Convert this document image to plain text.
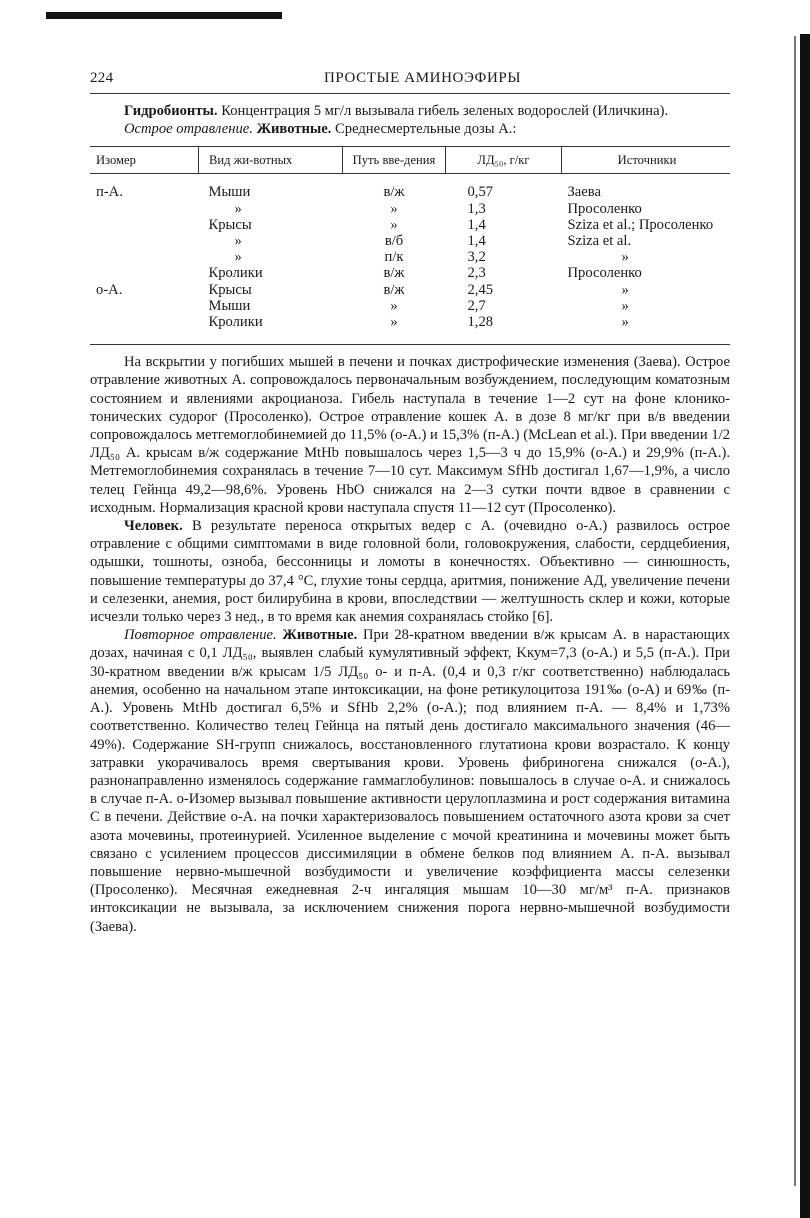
224	ПРОСТЫЕ АМИНОЭФИРЫ

Гидробионты. Концентрация 5 мг/л вызывала гибель зеленых водорослей (Иличкина).

Острое отравление. Животные. Среднесмертельные дозы А.:

Изомер	Вид жи-вотных	Путь вве-дения	ЛД₅₀, г/кг	Источники
п-А.	Мыши	в/ж	0,57	Заева
	»	»	1,3	Просоленко
	Крысы	»	1,4	Sziza et al.; Просоленко
	»	в/б	1,4	Sziza et al.
	»	п/к	3,2	»
	Кролики	в/ж	2,3	Просоленко
о-А.	Крысы	в/ж	2,45	»
	Мыши	»	2,7	»
	Кролики	»	1,28	»

На вскрытии у погибших мышей в печени и почках дистрофические изменения (Заева). Острое отравление животных А. сопровождалось первоначальным возбуждением, последующим коматозным состоянием и явлениями акроцианоза. Гибель наступала в течение 1—2 сут на фоне клонико-тонических судорог (Просоленко). Острое отравление кошек А. в дозе 8 мг/кг при в/в введении сопровождалось метгемоглобинемией до 11,5% (о-А.) и 15,3% (п-А.) (McLean et al.). При введении 1/2 ЛД₅₀ А. крысам в/ж содержание MtHb повышалось через 1,5—3 ч до 15,9% (о-А.) и 29,9% (п-А.). Метгемоглобинемия сохранялась в течение 7—10 сут. Максимум SfHb достигал 1,67—1,9%, а число телец Гейнца 49,2—98,6%. Уровень HbO снижался на 2—3 сутки почти вдвое в сравнении с исходным. Нормализация красной крови наступала спустя 11—12 сут (Просоленко).

Человек. В результате переноса открытых ведер с А. (очевидно о-А.) развилось острое отравление с общими симптомами в виде головной боли, головокружения, слабости, сердцебиения, одышки, тошноты, озноба, бессонницы и ломоты в конечностях. Объективно — синюшность, повышение температуры до 37,4 °С, глухие тоны сердца, аритмия, понижение АД, увеличение печени и селезенки, анемия, рост билирубина в крови, впоследствии — желтушность склер и кожи, которые исчезли только через 3 нед., в то время как анемия сохранялась стойко [6].

Повторное отравление. Животные. При 28-кратном введении в/ж крысам А. в нарастающих дозах, начиная с 0,1 ЛД₅₀, выявлен слабый кумулятивный эффект, Kкум=7,3 (о-А.) и 5,5 (п-А.). При 30-кратном введении в/ж крысам 1/5 ЛД₅₀ о- и п-А. (0,4 и 0,3 г/кг соответственно) наблюдалась анемия, особенно на начальном этапе интоксикации, на фоне ретикулоцитоза 191‰ (о-А) и 69‰ (п-А.). Уровень MtHb достигал 6,5% и SfHb 2,2% (о-А.); под влиянием п-А. — 8,4% и 1,73% соответственно. Количество телец Гейнца на пятый день достигало максимального значения (46—49%). Содержание SH-групп снижалось, восстановленного глутатиона крови возрастало. К концу затравки укорачивалось время свертывания крови. Уровень фибриногена снижался (о-А.), разнонаправленно изменялось содержание гаммаглобулинов: повышалось в случае о-А. и снижалось в случае п-А. о-Изомер вызывал повышение активности церулоплазмина и рост содержания витамина С в печени. Действие о-А. на почки характеризовалось повышением остаточного азота крови за счет азота мочевины, протеинурией. Усиленное выделение с мочой креатинина и мочевины может быть связано с усилением процессов диссимиляции в обмене белков под влиянием А. п-А. вызывал повышение нервно-мышечной возбудимости и увеличение коэффициента массы селезенки (Просоленко). Месячная ежедневная 2-ч ингаляция мышам 10—30 мг/м³ п-А. признаков интоксикации не вызывала, за исключением снижения порога нервно-мышечной возбудимости (Заева).
